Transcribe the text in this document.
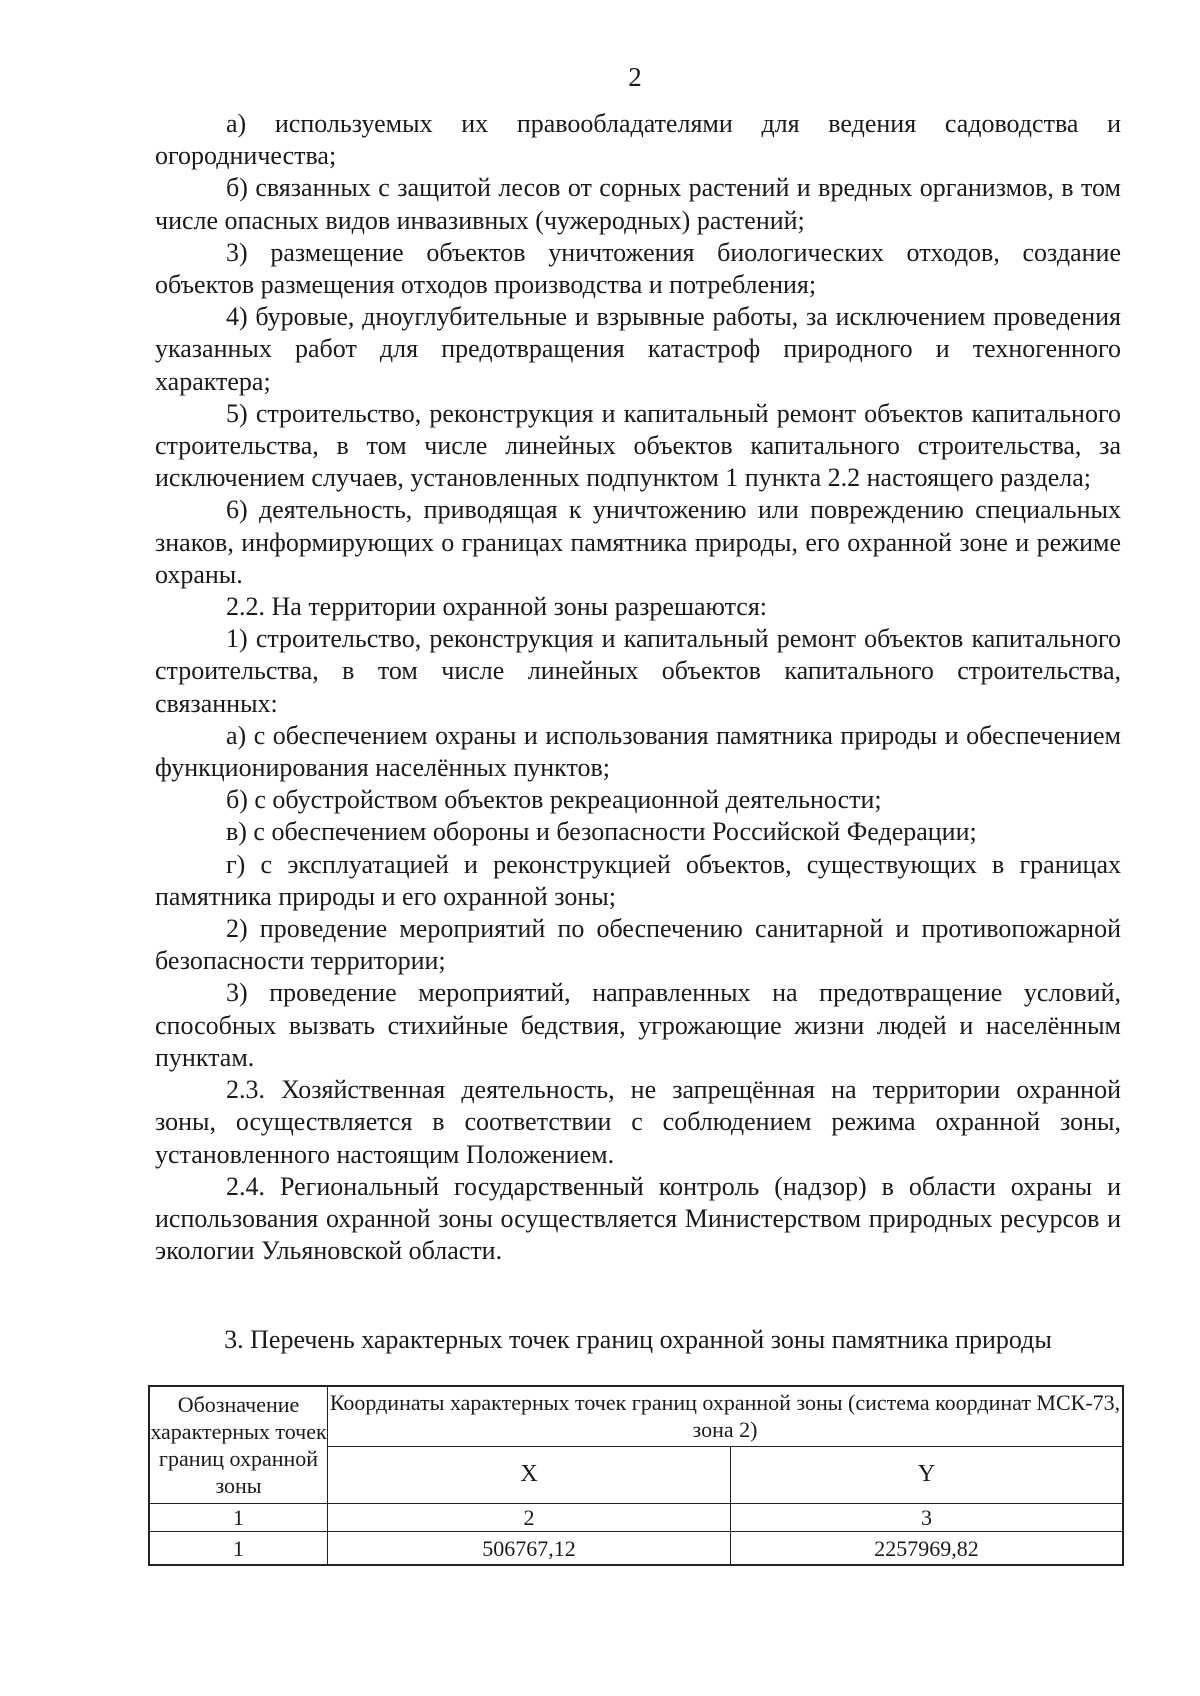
2

а) используемых их правообладателями для ведения садоводства и огородничества;

б) связанных с защитой лесов от сорных растений и вредных организмов, в том числе опасных видов инвазивных (чужеродных) растений;

3) размещение объектов уничтожения биологических отходов, создание объектов размещения отходов производства и потребления;

4) буровые, дноуглубительные и взрывные работы, за исключением проведения указанных работ для предотвращения катастроф природного и техногенного характера;

5) строительство, реконструкция и капитальный ремонт объектов капитального строительства, в том числе линейных объектов капитального строительства, за исключением случаев, установленных подпунктом 1 пункта 2.2 настоящего раздела;

6) деятельность, приводящая к уничтожению или повреждению специальных знаков, информирующих о границах памятника природы, его охранной зоне и режиме охраны.

2.2. На территории охранной зоны разрешаются:

1) строительство, реконструкция и капитальный ремонт объектов капитального строительства, в том числе линейных объектов капитального строительства, связанных:

а) с обеспечением охраны и использования памятника природы и обеспечением функционирования населённых пунктов;

б) с обустройством объектов рекреационной деятельности;

в) с обеспечением обороны и безопасности Российской Федерации;

г) с эксплуатацией и реконструкцией объектов, существующих в границах памятника природы и его охранной зоны;

2) проведение мероприятий по обеспечению санитарной и противопожарной безопасности территории;

3) проведение мероприятий, направленных на предотвращение условий, способных вызвать стихийные бедствия, угрожающие жизни людей и населённым пунктам.

2.3. Хозяйственная деятельность, не запрещённая на территории охранной зоны, осуществляется в соответствии с соблюдением режима охранной зоны, установленного настоящим Положением.

2.4. Региональный государственный контроль (надзор) в области охраны и использования охранной зоны осуществляется Министерством природных ресурсов и экологии Ульяновской области.

3. Перечень характерных точек границ охранной зоны памятника природы
Обозначение характерных точек границ охранной зоны	Координаты характерных точек границ охранной зоны (система координат МСК-73, зона 2)	
	X	Y
1	2	3
1	506767,12	2257969,82
